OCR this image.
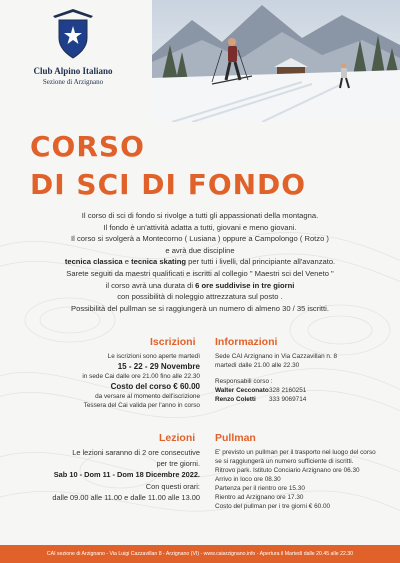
Club Alpino Italiano
Sezione di Arzignano
CORSO
DI SCI DI FONDO

Il corso di sci di fondo si rivolge a tutti gli appassionati della montagna.

Il fondo è un'attività adatta a tutti, giovani e meno giovani.

Il corso si svolgerà a Montecorno ( Lusiana ) oppure a Campolongo ( Rotzo )

e avrà due discipline

tecnica classica e tecnica skating per tutti i livelli, dal principiante all'avanzato.

Sarete seguiti da maestri qualificati e iscritti al collegio " Maestri sci del Veneto "

il corso avrà una durata di 6 ore suddivise in tre giorni

con possibilità di noleggio attrezzatura sul posto .

Possibilità del pullman se si raggiungerà un numero di almeno 30 / 35 iscritti.

Iscrizioni

Le iscrizioni sono aperte martedì

15 - 22 - 29 Novembre

in sede Cai dalle ore 21.00 fino alle 22.30

Costo del corso € 60.00

da versare al momento dell'iscrizione

Tessera del Cai valida per l'anno in corso

Informazioni

Sede CAI Arzignano in Via Cazzavillan n. 8

martedì dalle 21.00 alle 22.30

Responsabili corso :

Walter Cecconato 328 2160251
Renzo Coletti	333 9069714
Lezioni

Le lezioni saranno di 2 ore consecutive

per tre giorni.

Sab 10 - Dom 11 - Dom 18 Dicembre 2022.

Con questi orari:

dalle 09.00 alle 11.00 e dalle 11.00 alle 13.00

Pullman

E' previsto un pullman per il trasporto nel luogo del corso

se si raggiungerà un numero sufficiente di iscritti.

Ritrovo park. Istituto Conciario Arzignano ore 06.30

Arrivo in loco ore 08.30

Partenza per il rientro ore 15.30

Rientro ad Arzignano ore 17.30

Costo del pullman per i tre giorni € 60.00

CAI sezione di Arzignano - Via Luigi Cazzavillan 8 - Arzignano (VI) - www.caiarzignano.info - Apertura il Martedì dalle 20.45 alle 22.30
